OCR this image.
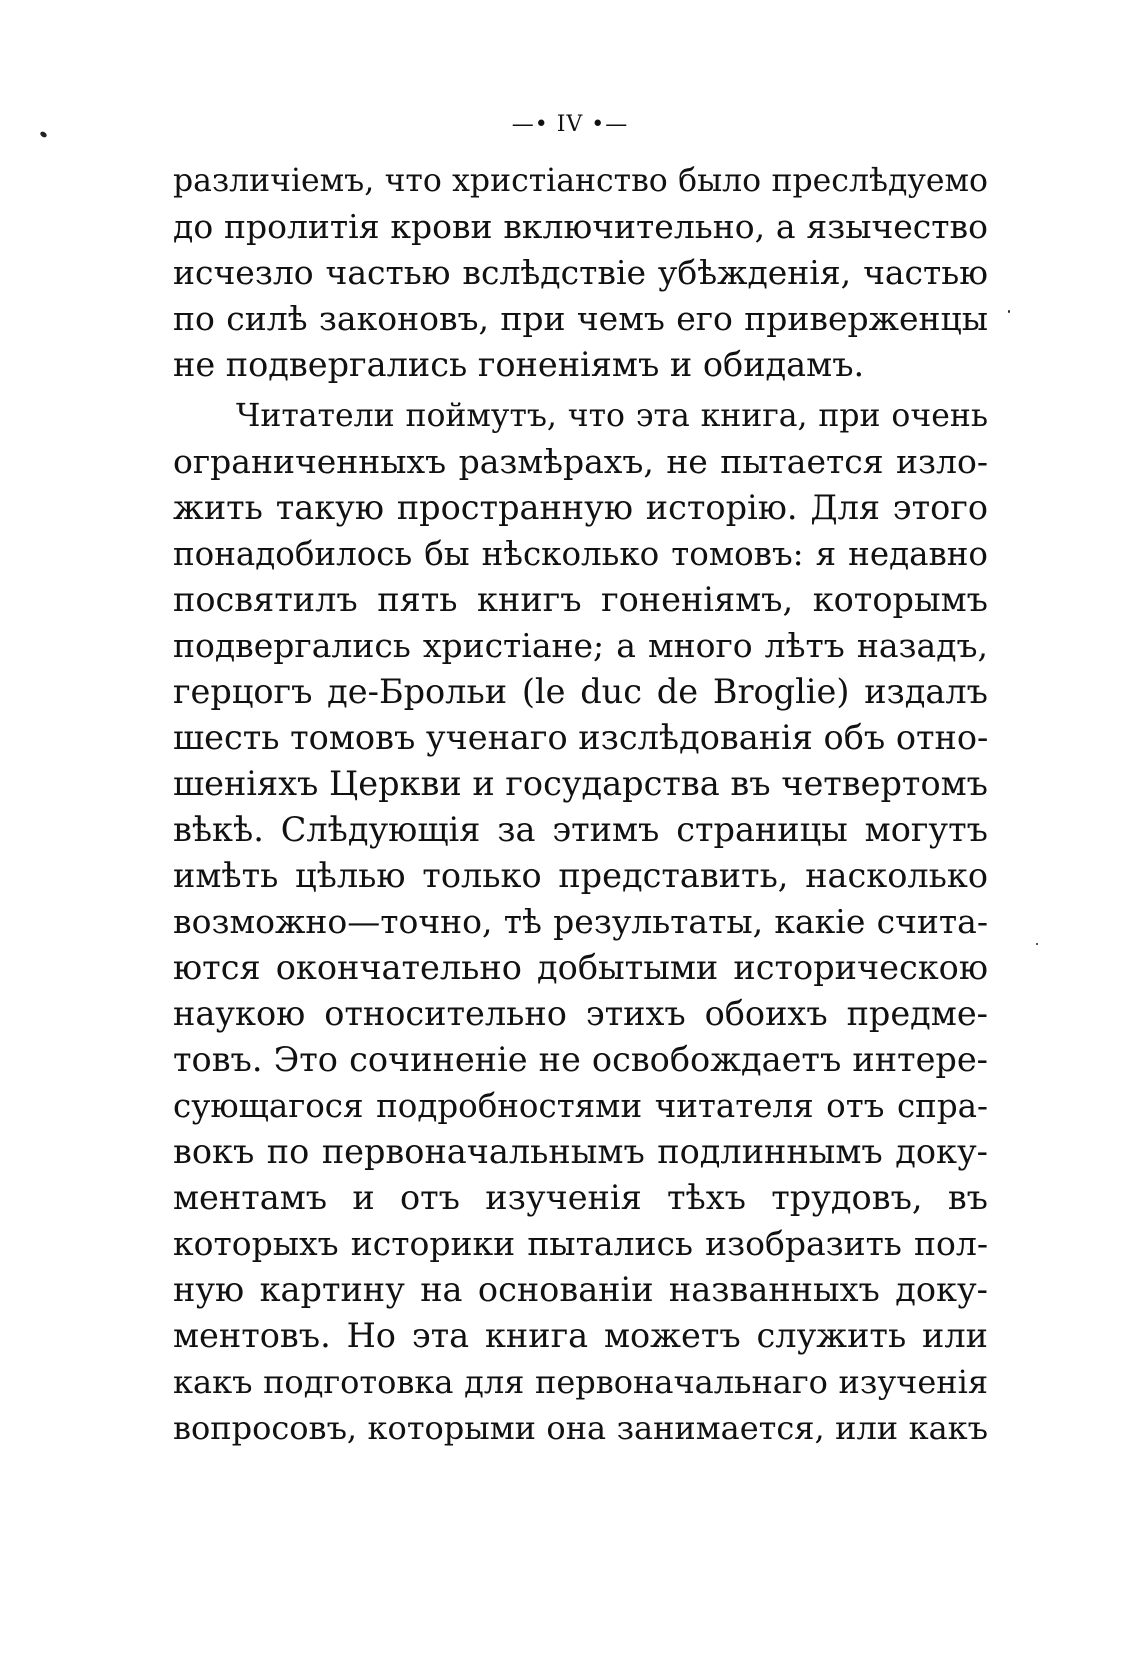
—• IV •—
различіемъ, что христіанство было преслѣдуемо
до пролитія крови включительно, а язычество
исчезло частью вслѣдствіе убѣжденія, частью
по силѣ законовъ, при чемъ его приверженцы
не подвергались гоненіямъ и обидамъ.
Читатели поймутъ, что эта книга, при очень
ограниченныхъ размѣрахъ, не пытается изло-
жить такую пространную исторію. Для этого
понадобилось бы нѣсколько томовъ: я недавно
посвятилъ пять книгъ гоненіямъ, которымъ
подвергались христіане; а много лѣтъ назадъ,
герцогъ де-Брольи (le duc de Broglie) издалъ
шесть томовъ ученаго изслѣдованія объ отно-
шеніяхъ Церкви и государства въ четвертомъ
вѣкѣ. Слѣдующія за этимъ страницы могутъ
имѣть цѣлью только представить, насколько
возможно—точно, тѣ результаты, какіе счита-
ются окончательно добытыми историческою
наукою относительно этихъ обоихъ предме-
товъ. Это сочиненіе не освобождаетъ интере-
сующагося подробностями читателя отъ спра-
вокъ по первоначальнымъ подлиннымъ доку-
ментамъ и отъ изученія тѣхъ трудовъ, въ
которыхъ историки пытались изобразить пол-
ную картину на основаніи названныхъ доку-
ментовъ. Но эта книга можетъ служить или
какъ подготовка для первоначальнаго изученія
вопросовъ, которыми она занимается, или какъ
